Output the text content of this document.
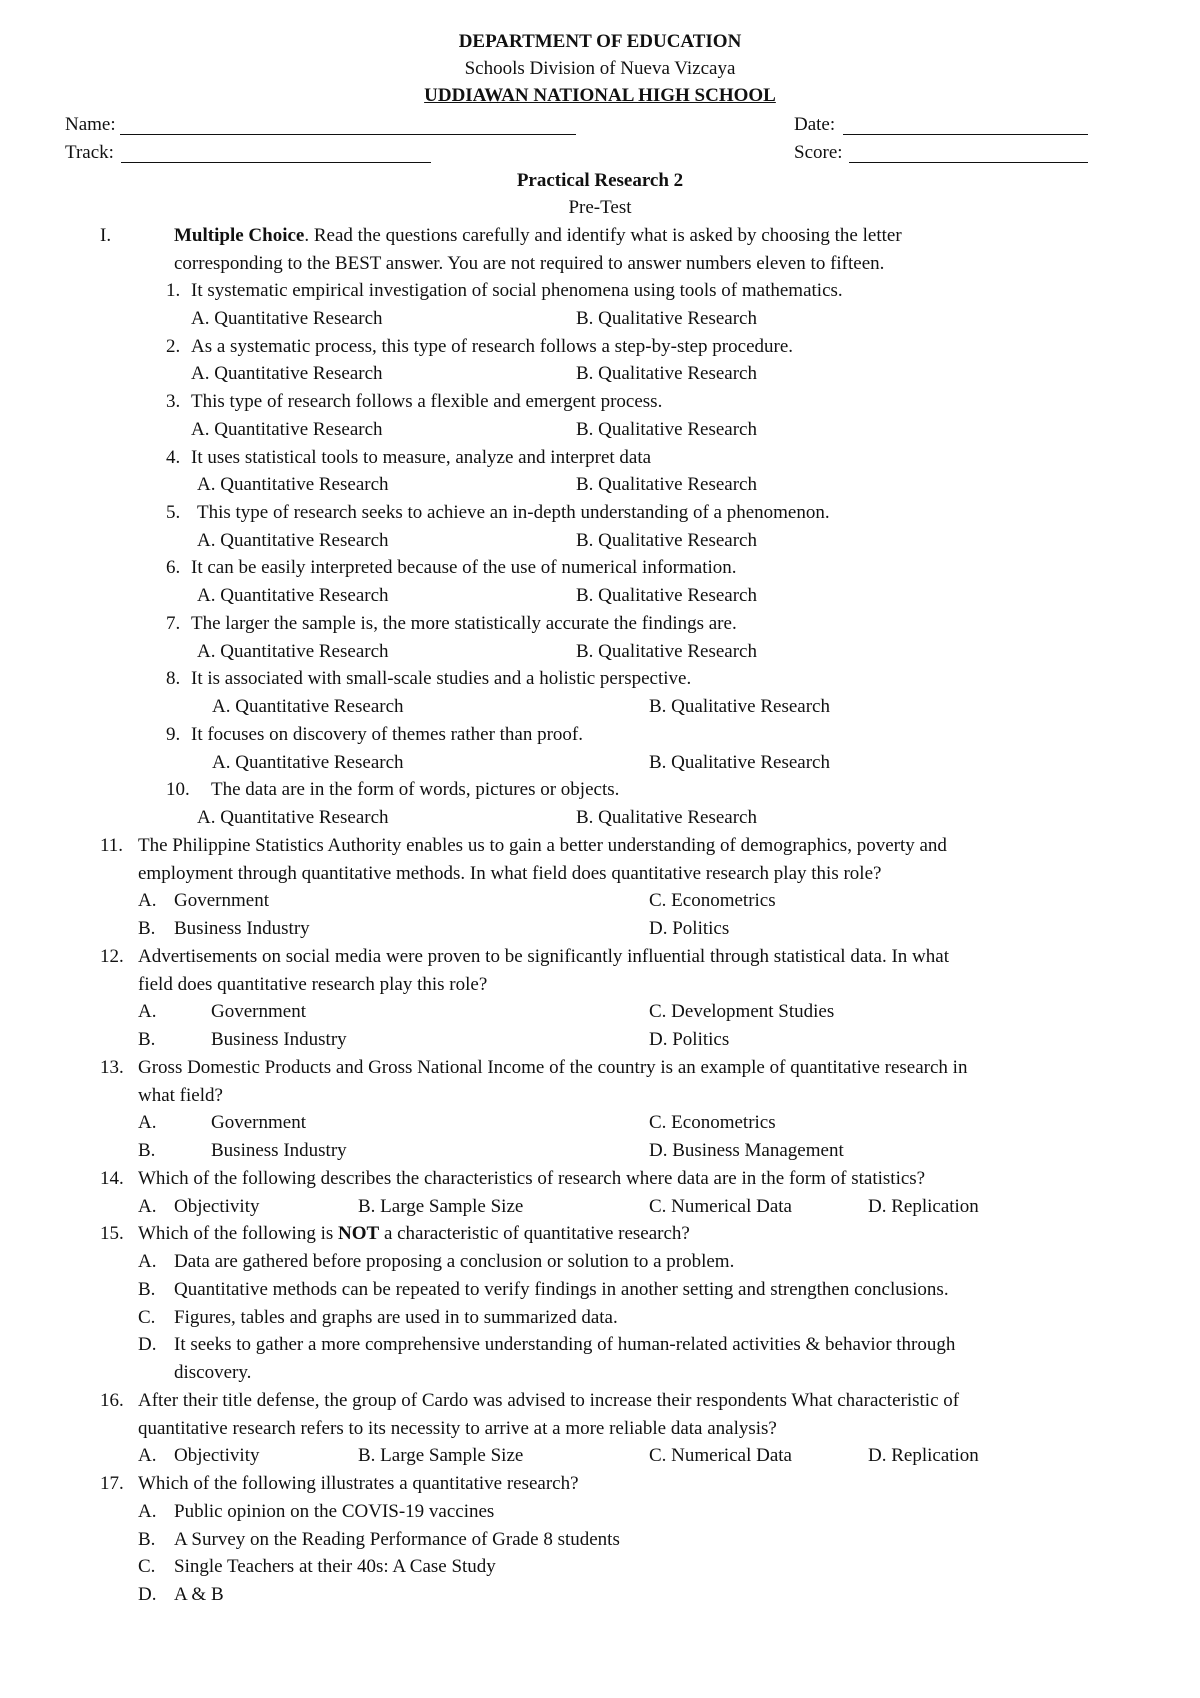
DEPARTMENT OF EDUCATION
Schools Division of Nueva Vizcaya
UDDIAWAN NATIONAL HIGH SCHOOL
Name:	Date:
Track:	Score:
Practical Research 2
Pre-Test
I.	Multiple Choice. Read the questions carefully and identify what is asked by choosing the letter
corresponding to the BEST answer. You are not required to answer numbers eleven to fifteen.
1. It systematic empirical investigation of social phenomena using tools of mathematics.
A. Quantitative Research	B. Qualitative Research
2. As a systematic process, this type of research follows a step-by-step procedure.
A. Quantitative Research	B. Qualitative Research
3. This type of research follows a flexible and emergent process.
A. Quantitative Research	B. Qualitative Research
4. It uses statistical tools to measure, analyze and interpret data
A. Quantitative Research	B. Qualitative Research
5. This type of research seeks to achieve an in-depth understanding of a phenomenon.
A. Quantitative Research	B. Qualitative Research
6. It can be easily interpreted because of the use of numerical information.
A. Quantitative Research	B. Qualitative Research
7. The larger the sample is, the more statistically accurate the findings are.
A. Quantitative Research	B. Qualitative Research
8. It is associated with small-scale studies and a holistic perspective.
A. Quantitative Research	B. Qualitative Research
9. It focuses on discovery of themes rather than proof.
A. Quantitative Research	B. Qualitative Research
10. The data are in the form of words, pictures or objects.
A. Quantitative Research	B. Qualitative Research
11. The Philippine Statistics Authority enables us to gain a better understanding of demographics, poverty and
employment through quantitative methods. In what field does quantitative research play this role?
A. Government	C. Econometrics
B. Business Industry	D. Politics
12. Advertisements on social media were proven to be significantly influential through statistical data. In what
field does quantitative research play this role?
A.	Government	C. Development Studies
B.	Business Industry	D. Politics
13. Gross Domestic Products and Gross National Income of the country is an example of quantitative research in
what field?
A.	Government	C. Econometrics
B.	Business Industry	D. Business Management
14. Which of the following describes the characteristics of research where data are in the form of statistics?
A. Objectivity	B. Large Sample Size	C. Numerical Data	D. Replication
15. Which of the following is NOT a characteristic of quantitative research?
A. Data are gathered before proposing a conclusion or solution to a problem.
B. Quantitative methods can be repeated to verify findings in another setting and strengthen conclusions.
C. Figures, tables and graphs are used in to summarized data.
D. It seeks to gather a more comprehensive understanding of human-related activities & behavior through
discovery.
16. After their title defense, the group of Cardo was advised to increase their respondents What characteristic of
quantitative research refers to its necessity to arrive at a more reliable data analysis?
A. Objectivity	B. Large Sample Size	C. Numerical Data	D. Replication
17. Which of the following illustrates a quantitative research?
A. Public opinion on the COVIS-19 vaccines
B. A Survey on the Reading Performance of Grade 8 students
C. Single Teachers at their 40s: A Case Study
D. A & B
